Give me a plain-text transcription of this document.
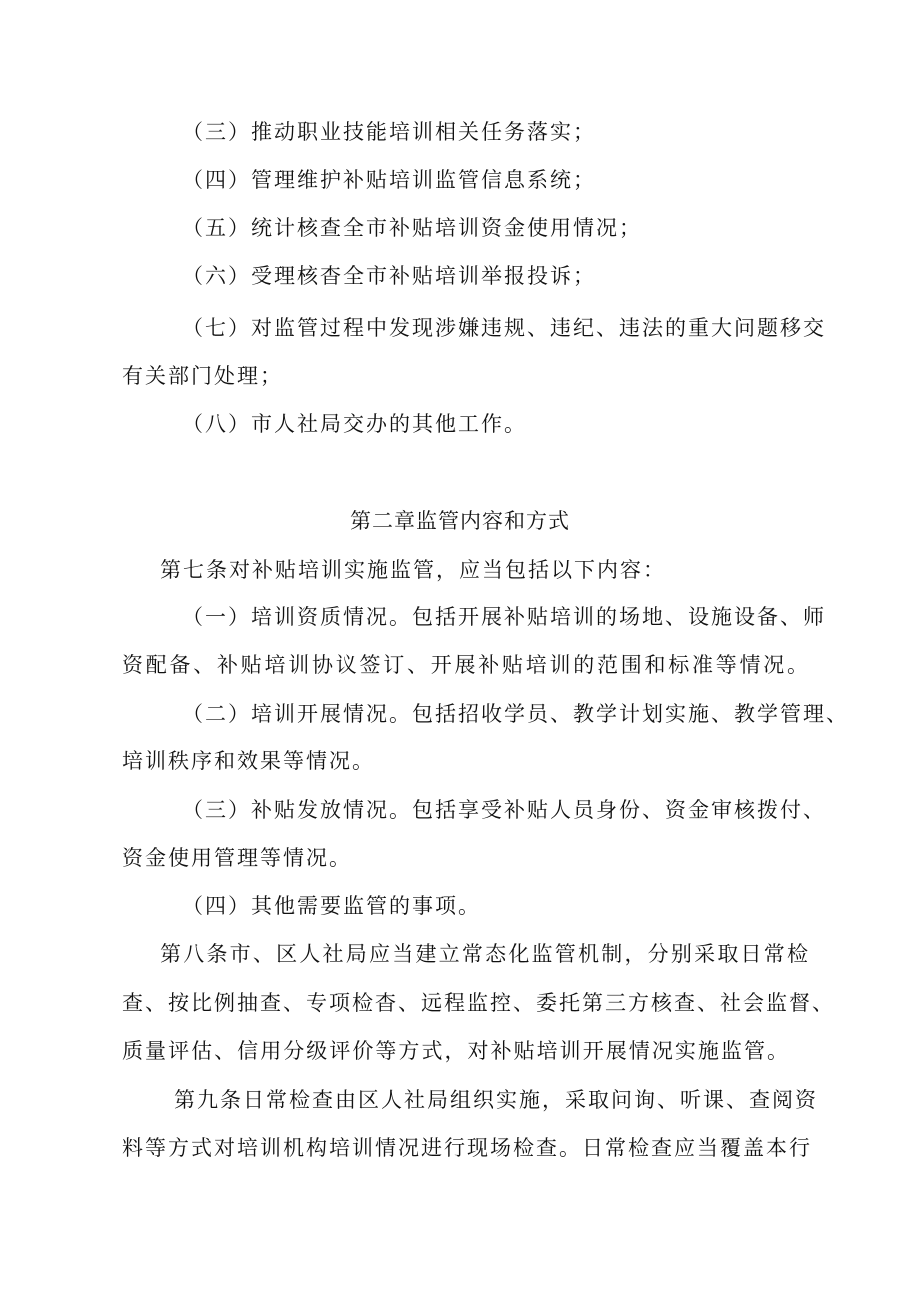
（三）推动职业技能培训相关任务落实；
（四）管理维护补贴培训监管信息系统；
（五）统计核查全市补贴培训资金使用情况；
（六）受理核杳全市补贴培训举报投诉；
（七）对监管过程中发现涉嫌违规、违纪、违法的重大问题移交
有关部门处理；
（八）市人社局交办的其他工作。
第二章监管内容和方式
第七条对补贴培训实施监管，应当包括以下内容：
（一）培训资质情况。包括开展补贴培训的场地、设施设备、师
资配备、补贴培训协议签订、开展补贴培训的范围和标准等情况。
（二）培训开展情况。包括招收学员、教学计划实施、教学管理、
培训秩序和效果等情况。
（三）补贴发放情况。包括享受补贴人员身份、资金审核拨付、
资金使用管理等情况。
（四）其他需要监管的事项。
第八条市、区人社局应当建立常态化监管机制，分别采取日常检
查、按比例抽查、专项检杳、远程监控、委托第三方核查、社会监督、
质量评估、信用分级评价等方式，对补贴培训开展情况实施监管。
第九条日常检查由区人社局组织实施，采取问询、听课、查阅资
料等方式对培训机构培训情况进行现场检查。日常检查应当覆盖本行
